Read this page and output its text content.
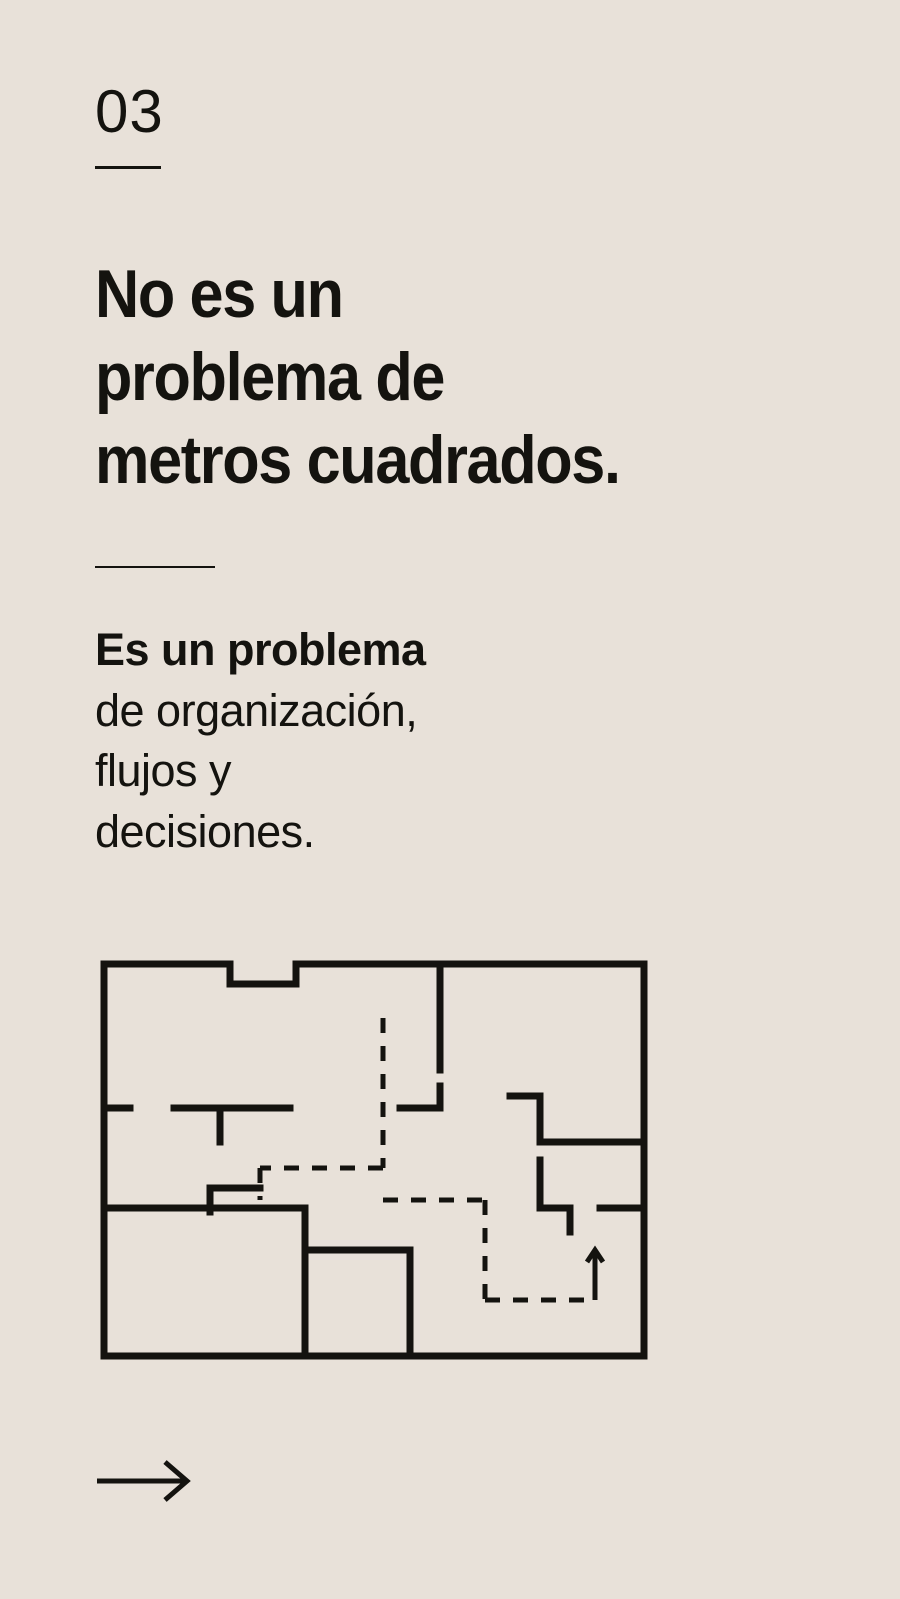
03
No es un
problema de
metros cuadrados.
Es un problema
de organización,
flujos y
decisiones.
